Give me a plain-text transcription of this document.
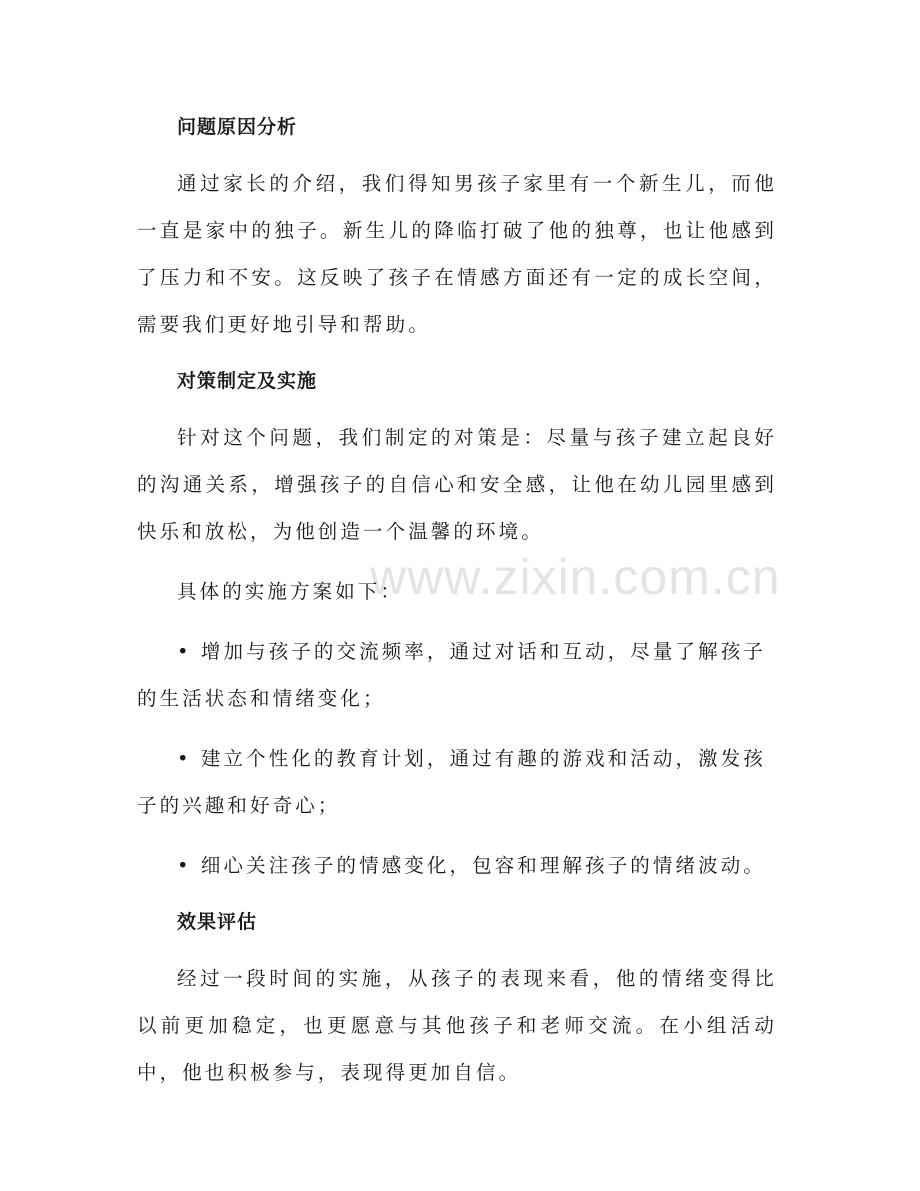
www.zixin.com.cn
问题原因分析

通过家长的介绍，我们得知男孩子家里有一个新生儿，而他一直是家中的独子。新生儿的降临打破了他的独尊，也让他感到了压力和不安。这反映了孩子在情感方面还有一定的成长空间，需要我们更好地引导和帮助。

对策制定及实施

针对这个问题，我们制定的对策是：尽量与孩子建立起良好的沟通关系，增强孩子的自信心和安全感，让他在幼儿园里感到快乐和放松，为他创造一个温馨的环境。

具体的实施方案如下：

• 增加与孩子的交流频率，通过对话和互动，尽量了解孩子的生活状态和情绪变化；

• 建立个性化的教育计划，通过有趣的游戏和活动，激发孩子的兴趣和好奇心；

• 细心关注孩子的情感变化，包容和理解孩子的情绪波动。

效果评估

经过一段时间的实施，从孩子的表现来看，他的情绪变得比以前更加稳定，也更愿意与其他孩子和老师交流。在小组活动中，他也积极参与，表现得更加自信。
